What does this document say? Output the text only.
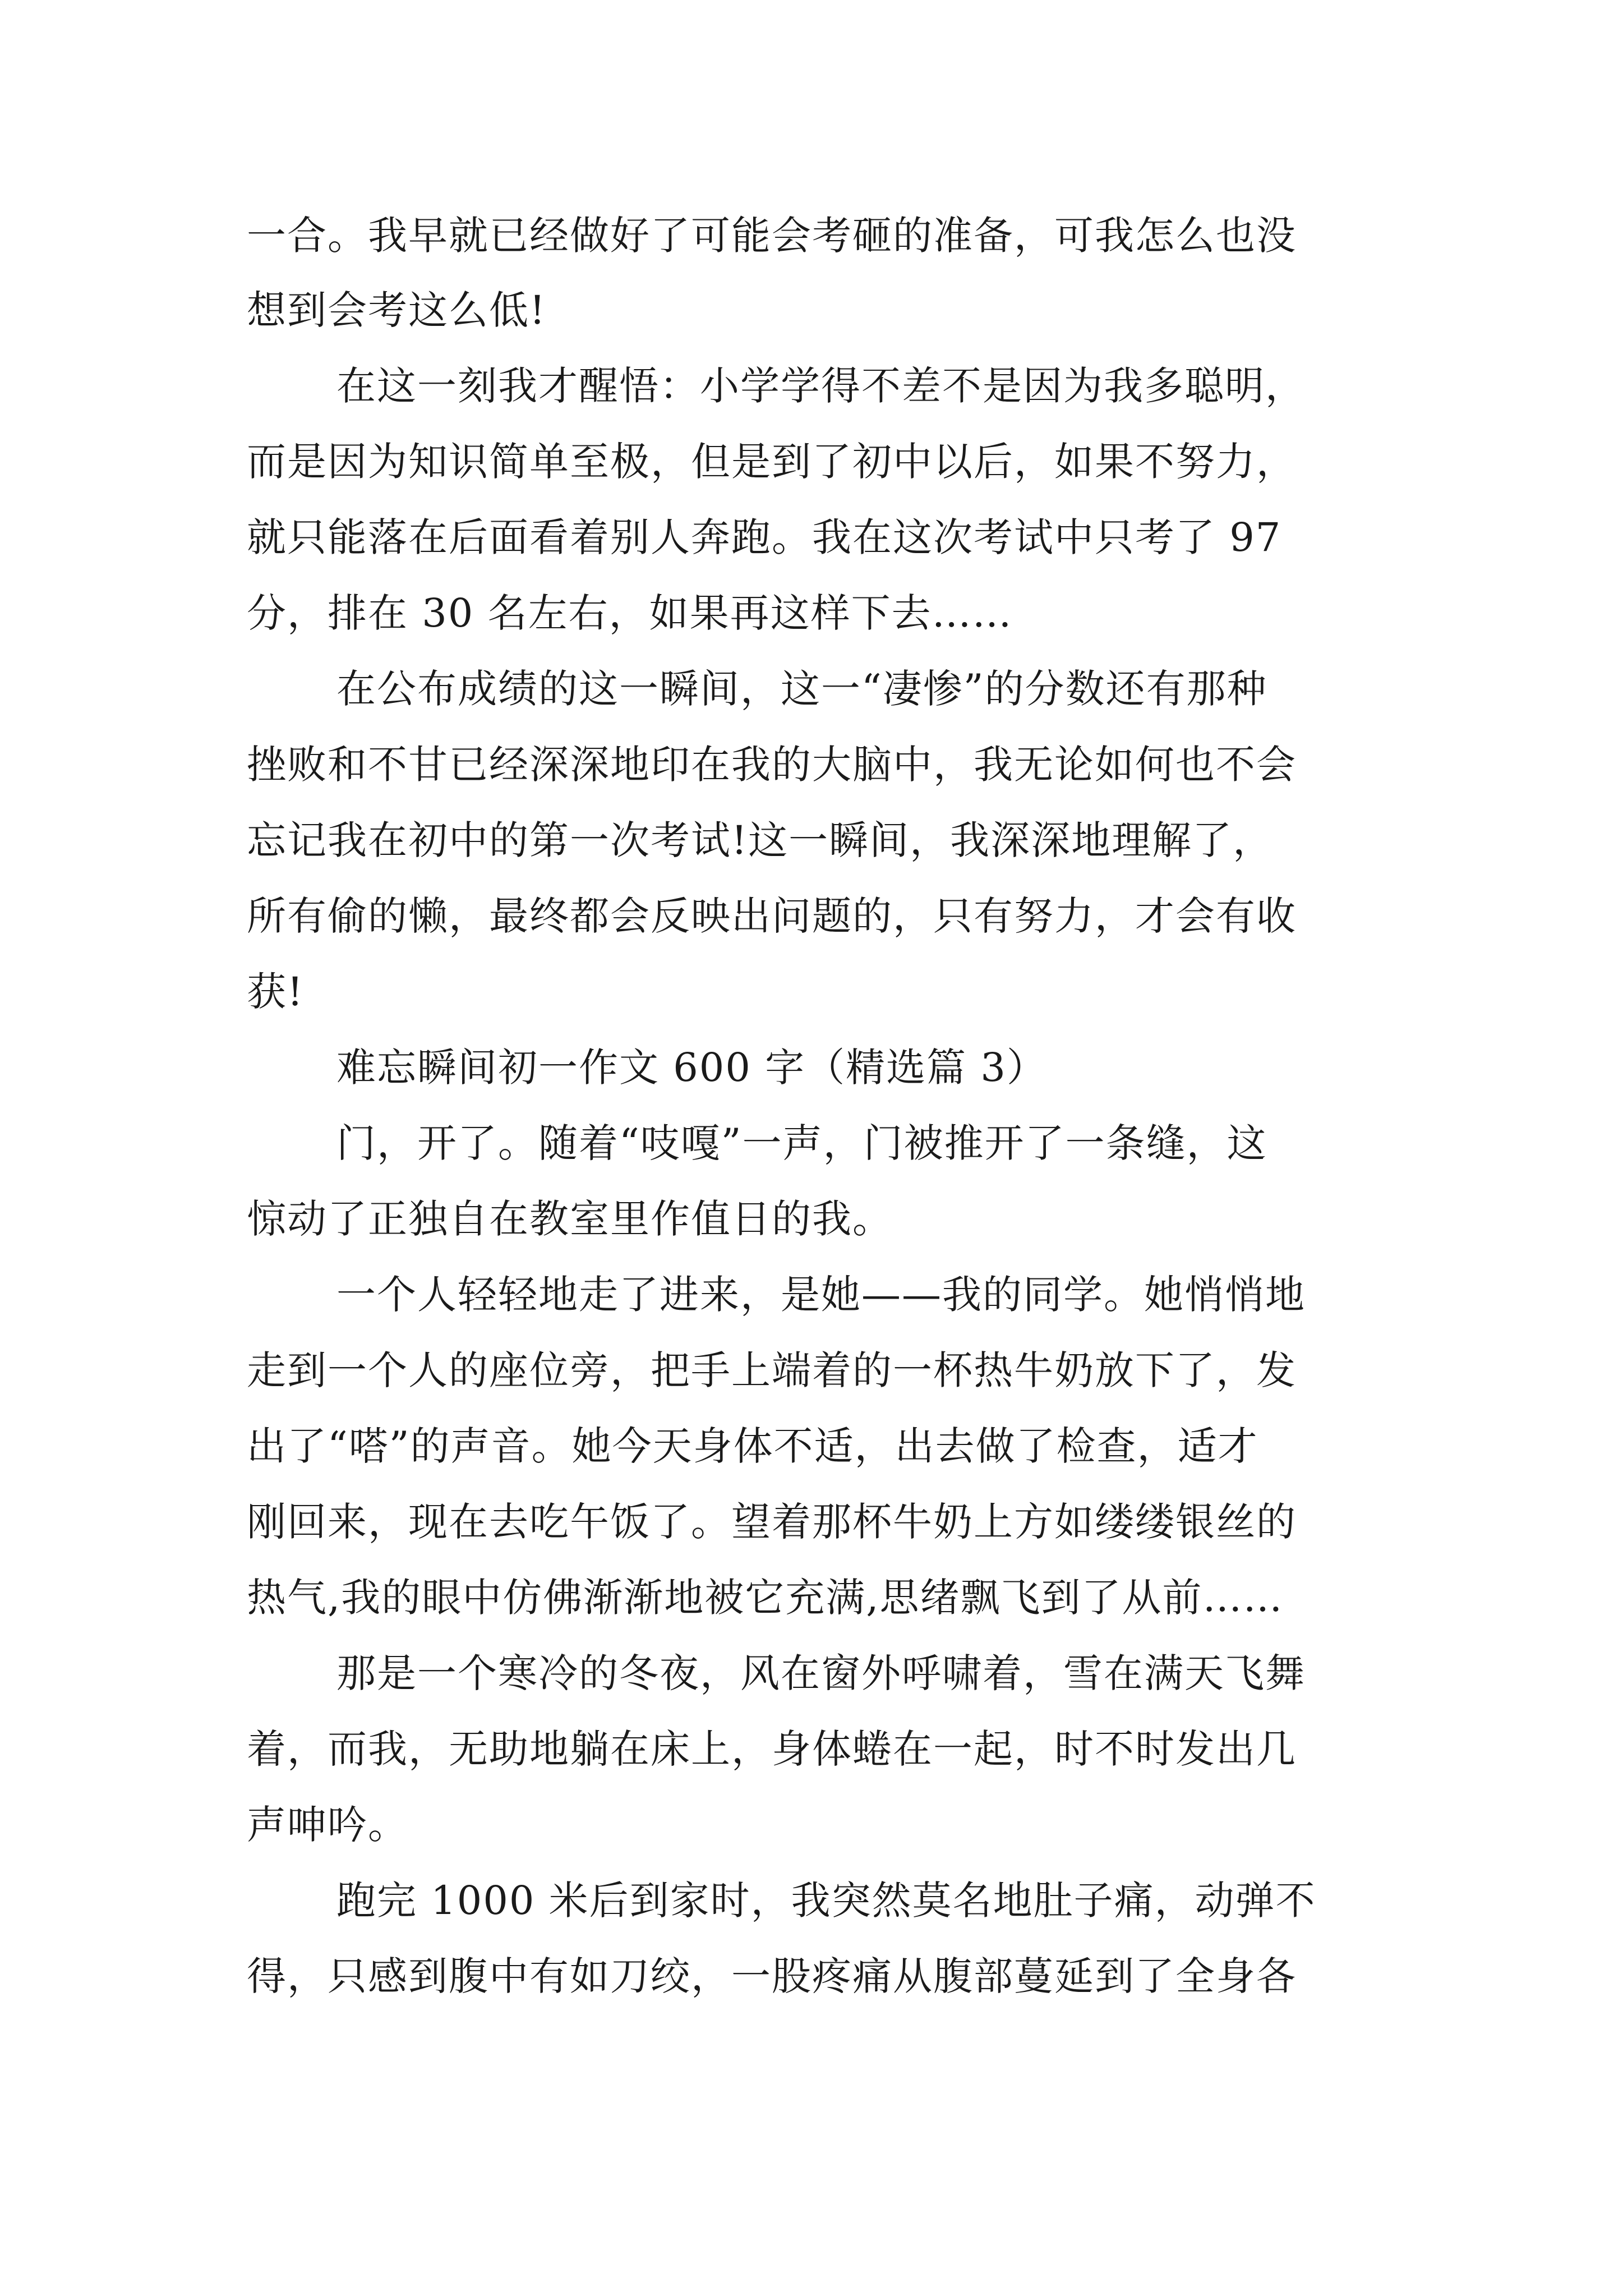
一合。我早就已经做好了可能会考砸的准备，可我怎么也没
想到会考这么低!
在这一刻我才醒悟：小学学得不差不是因为我多聪明，
而是因为知识简单至极，但是到了初中以后，如果不努力，
就只能落在后面看着别人奔跑。我在这次考试中只考了 97
分，排在 30 名左右，如果再这样下去……
在公布成绩的这一瞬间，这一“凄惨”的分数还有那种
挫败和不甘已经深深地印在我的大脑中，我无论如何也不会
忘记我在初中的第一次考试!这一瞬间，我深深地理解了，
所有偷的懒，最终都会反映出问题的，只有努力，才会有收
获!
难忘瞬间初一作文 600 字（精选篇 3）
门，开了。随着“吱嘎”一声，门被推开了一条缝，这
惊动了正独自在教室里作值日的我。
一个人轻轻地走了进来，是她——我的同学。她悄悄地
走到一个人的座位旁，把手上端着的一杯热牛奶放下了，发
出了“嗒”的声音。她今天身体不适，出去做了检查，适才
刚回来，现在去吃午饭了。望着那杯牛奶上方如缕缕银丝的
热气,我的眼中仿佛渐渐地被它充满,思绪飘飞到了从前……
那是一个寒冷的冬夜，风在窗外呼啸着，雪在满天飞舞
着，而我，无助地躺在床上，身体蜷在一起，时不时发出几
声呻吟。
跑完 1000 米后到家时，我突然莫名地肚子痛，动弹不
得，只感到腹中有如刀绞，一股疼痛从腹部蔓延到了全身各
